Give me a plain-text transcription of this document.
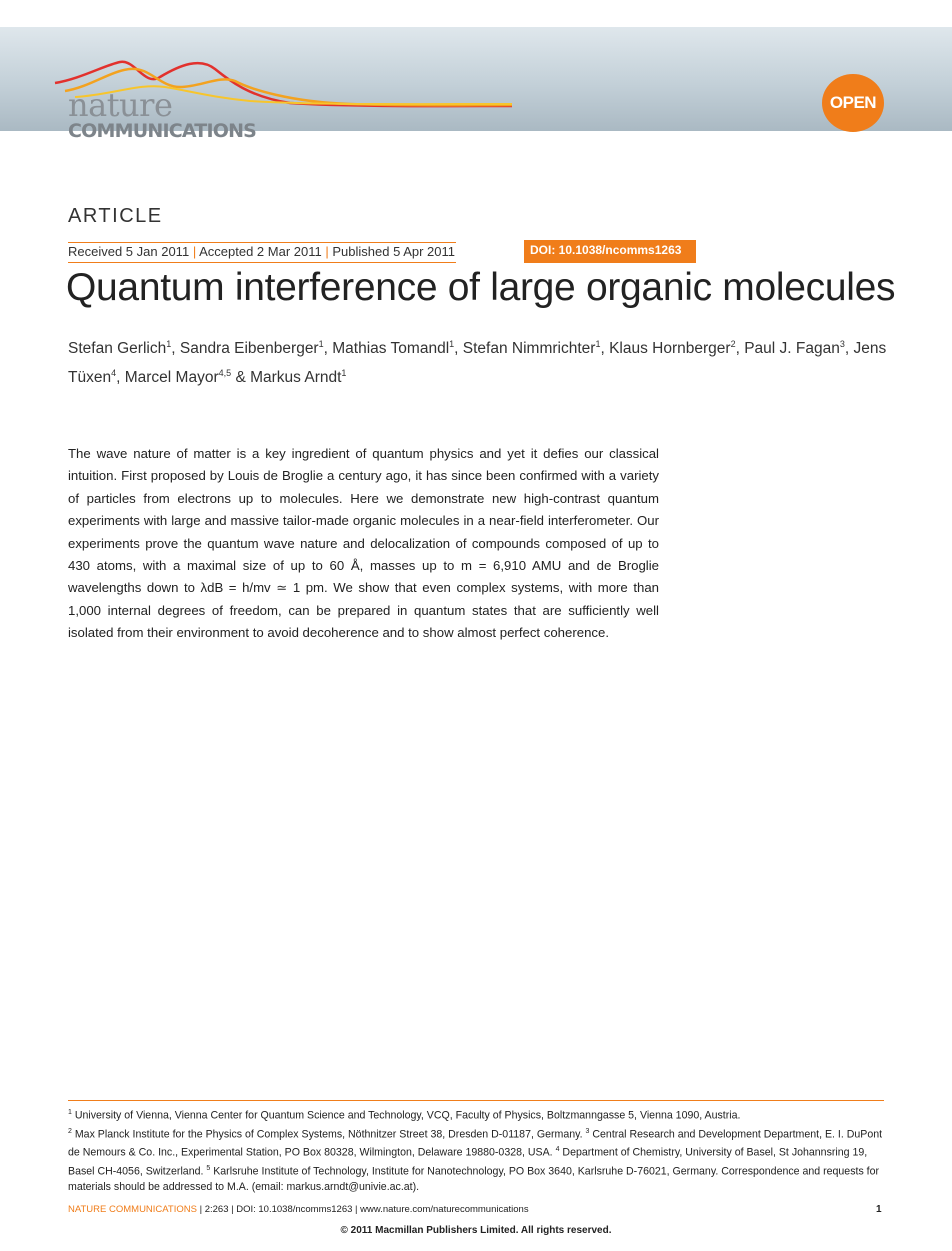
nature
COMMUNICATIONS
OPEN
ARTICLE
Received 5 Jan 2011 | Accepted 2 Mar 2011 | Published 5 Apr 2011	DOI: 10.1038/ncomms1263
Quantum interference of large organic molecules
Stefan Gerlich$^1$, Sandra Eibenberger$^1$, Mathias Tomandl$^1$, Stefan Nimmrichter$^1$, Klaus Hornberger$^2$, Paul J. Fagan$^3$, Jens Tüxen$^4$, Marcel Mayor$^{4,5}$ & Markus Arndt$^1$
The wave nature of matter is a key ingredient of quantum physics and yet it defies our classical intuition. First proposed by Louis de Broglie a century ago, it has since been confirmed with a variety of particles from electrons up to molecules. Here we demonstrate new high-contrast quantum experiments with large and massive tailor-made organic molecules in a near-field interferometer. Our experiments prove the quantum wave nature and delocalization of compounds composed of up to 430 atoms, with a maximal size of up to 60 Å, masses up to m = 6,910 AMU and de Broglie wavelengths down to λdB = h/mv ≃ 1 pm. We show that even complex systems, with more than 1,000 internal degrees of freedom, can be prepared in quantum states that are sufficiently well isolated from their environment to avoid decoherence and to show almost perfect coherence.

$^1$ University of Vienna, Vienna Center for Quantum Science and Technology, VCQ, Faculty of Physics, Boltzmanngasse 5, Vienna 1090, Austria.

$^2$ Max Planck Institute for the Physics of Complex Systems, Nöthnitzer Street 38, Dresden D-01187, Germany. $^3$ Central Research and Development Department, E. I. DuPont de Nemours & Co. Inc., Experimental Station, PO Box 80328, Wilmington, Delaware 19880-0328, USA. $^4$ Department of Chemistry, University of Basel, St Johannsring 19, Basel CH-4056, Switzerland. $^5$ Karlsruhe Institute of Technology, Institute for Nanotechnology, PO Box 3640, Karlsruhe D-76021, Germany. Correspondence and requests for materials should be addressed to M.A. (email: markus.arndt@univie.ac.at).

NATURE COMMUNICATIONS | 2:263 | DOI: 10.1038/ncomms1263 | www.nature.com/naturecommunications	1
© 2011 Macmillan Publishers Limited. All rights reserved.
